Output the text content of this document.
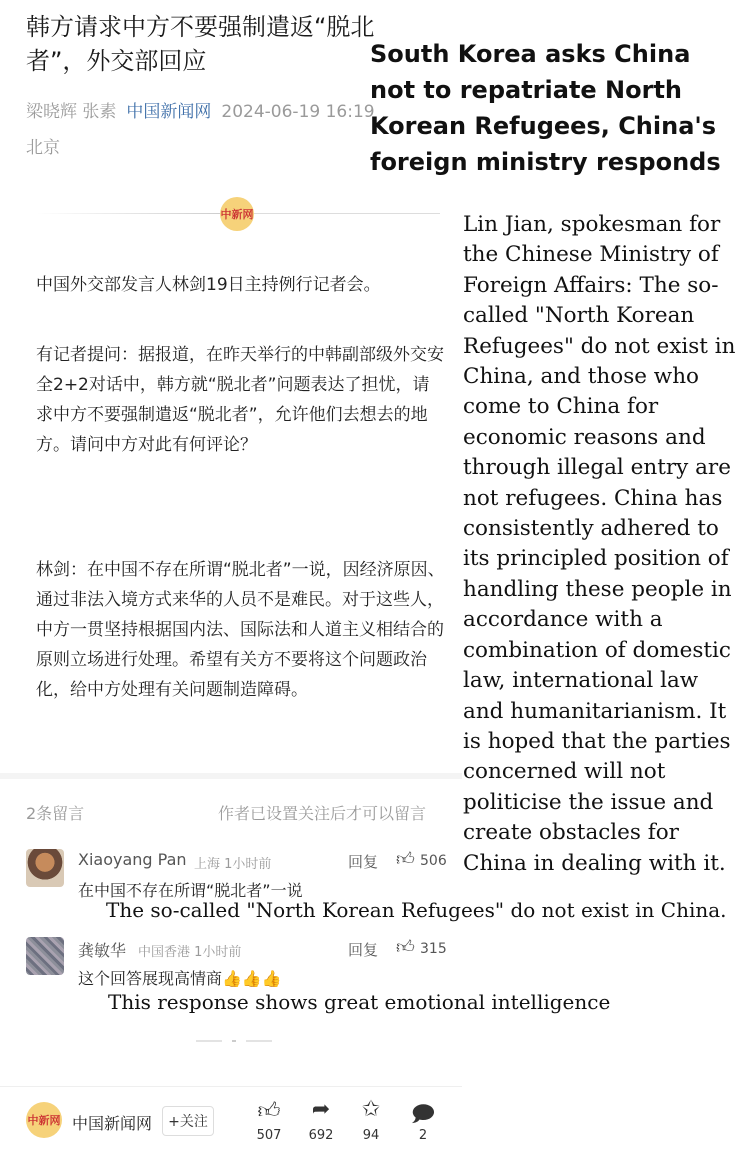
韩方请求中方不要强制遣返“脱北者”，外交部回应
梁晓辉 张素 中国新闻网 2024-06-19 16:19
北京
South Korea asks China not to repatriate North Korean Refugees, China's foreign ministry responds
中新网
中国外交部发言人林剑19日主持例行记者会。
有记者提问：据报道，在昨天举行的中韩副部级外交安全2+2对话中，韩方就“脱北者”问题表达了担忧，请求中方不要强制遣返“脱北者”，允许他们去想去的地方。请问中方对此有何评论？
林剑：在中国不存在所谓“脱北者”一说，因经济原因、通过非法入境方式来华的人员不是难民。对于这些人，中方一贯坚持根据国内法、国际法和人道主义相结合的原则立场进行处理。希望有关方不要将这个问题政治化，给中方处理有关问题制造障碍。
Lin Jian, spokesman for the Chinese Ministry of Foreign Affairs: The so-called "North Korean Refugees" do not exist in China, and those who come to China for economic reasons and through illegal entry are not refugees. China has consistently adhered to its principled position of handling these people in accordance with a combination of domestic law, international law and humanitarianism. It is hoped that the parties concerned will not politicise the issue and create obstacles for China in dealing with it.
2条留言	作者已设置关注后才可以留言
Xiaoyang Pan 上海 1小时前	回复 👍︎ 506
在中国不存在所谓“脱北者”一说
The so-called "North Korean Refugees" do not exist in China.
龚敏华 中国香港 1小时前	回复 👍︎ 315
这个回答展现高情商👍👍👍
This response shows great emotional intelligence
中新网 中国新闻网	+关注 👍︎
507
➦
692
✩
94
🗩︎
2
